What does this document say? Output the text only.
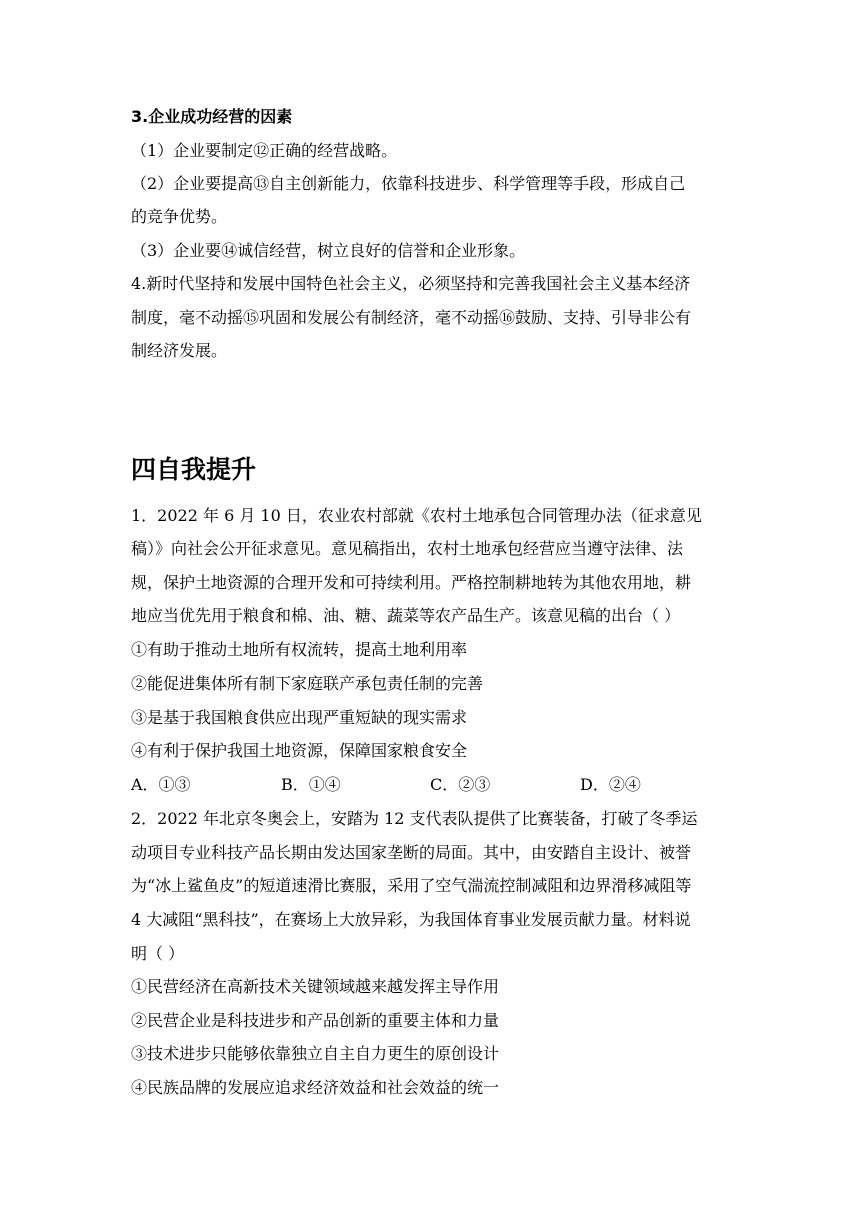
3.企业成功经营的因素
（1）企业要制定⑫正确的经营战略。
（2）企业要提高⑬自主创新能力，依靠科技进步、科学管理等手段，形成自己
的竞争优势。
（3）企业要⑭诚信经营，树立良好的信誉和企业形象。
4.新时代坚持和发展中国特色社会主义，必须坚持和完善我国社会主义基本经济
制度，毫不动摇⑮巩固和发展公有制经济，毫不动摇⑯鼓励、支持、引导非公有
制经济发展。
四自我提升
1．2022 年 6 月 10 日，农业农村部就《农村土地承包合同管理办法（征求意见
稿）》向社会公开征求意见。意见稿指出，农村土地承包经营应当遵守法律、法
规，保护土地资源的合理开发和可持续利用。严格控制耕地转为其他农用地，耕
地应当优先用于粮食和棉、油、糖、蔬菜等农产品生产。该意见稿的出台（ ）
①有助于推动土地所有权流转，提高土地利用率
②能促进集体所有制下家庭联产承包责任制的完善
③是基于我国粮食供应出现严重短缺的现实需求
④有利于保护我国土地资源，保障国家粮食安全
A．①③	B．①④	C．②③	D．②④
2．2022 年北京冬奥会上，安踏为 12 支代表队提供了比赛装备，打破了冬季运
动项目专业科技产品长期由发达国家垄断的局面。其中，由安踏自主设计、被誉
为“冰上鲨鱼皮”的短道速滑比赛服，采用了空气湍流控制减阻和边界滑移减阻等
4 大减阻“黑科技”，在赛场上大放异彩，为我国体育事业发展贡献力量。材料说
明（ ）
①民营经济在高新技术关键领域越来越发挥主导作用
②民营企业是科技进步和产品创新的重要主体和力量
③技术进步只能够依靠独立自主自力更生的原创设计
④民族品牌的发展应追求经济效益和社会效益的统一
